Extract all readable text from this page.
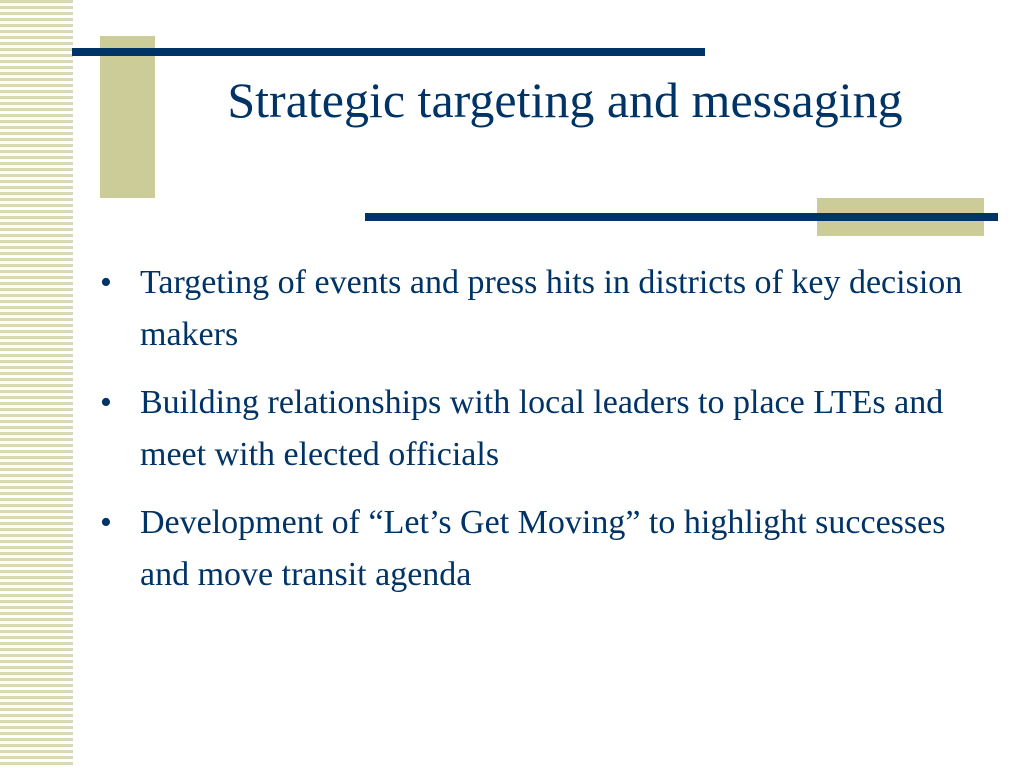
Strategic targeting and messaging
• Targeting of events and press hits in districts of key decision makers
• Building relationships with local leaders to place LTEs and meet with elected officials
• Development of “Let’s Get Moving” to highlight successes and move transit agenda
